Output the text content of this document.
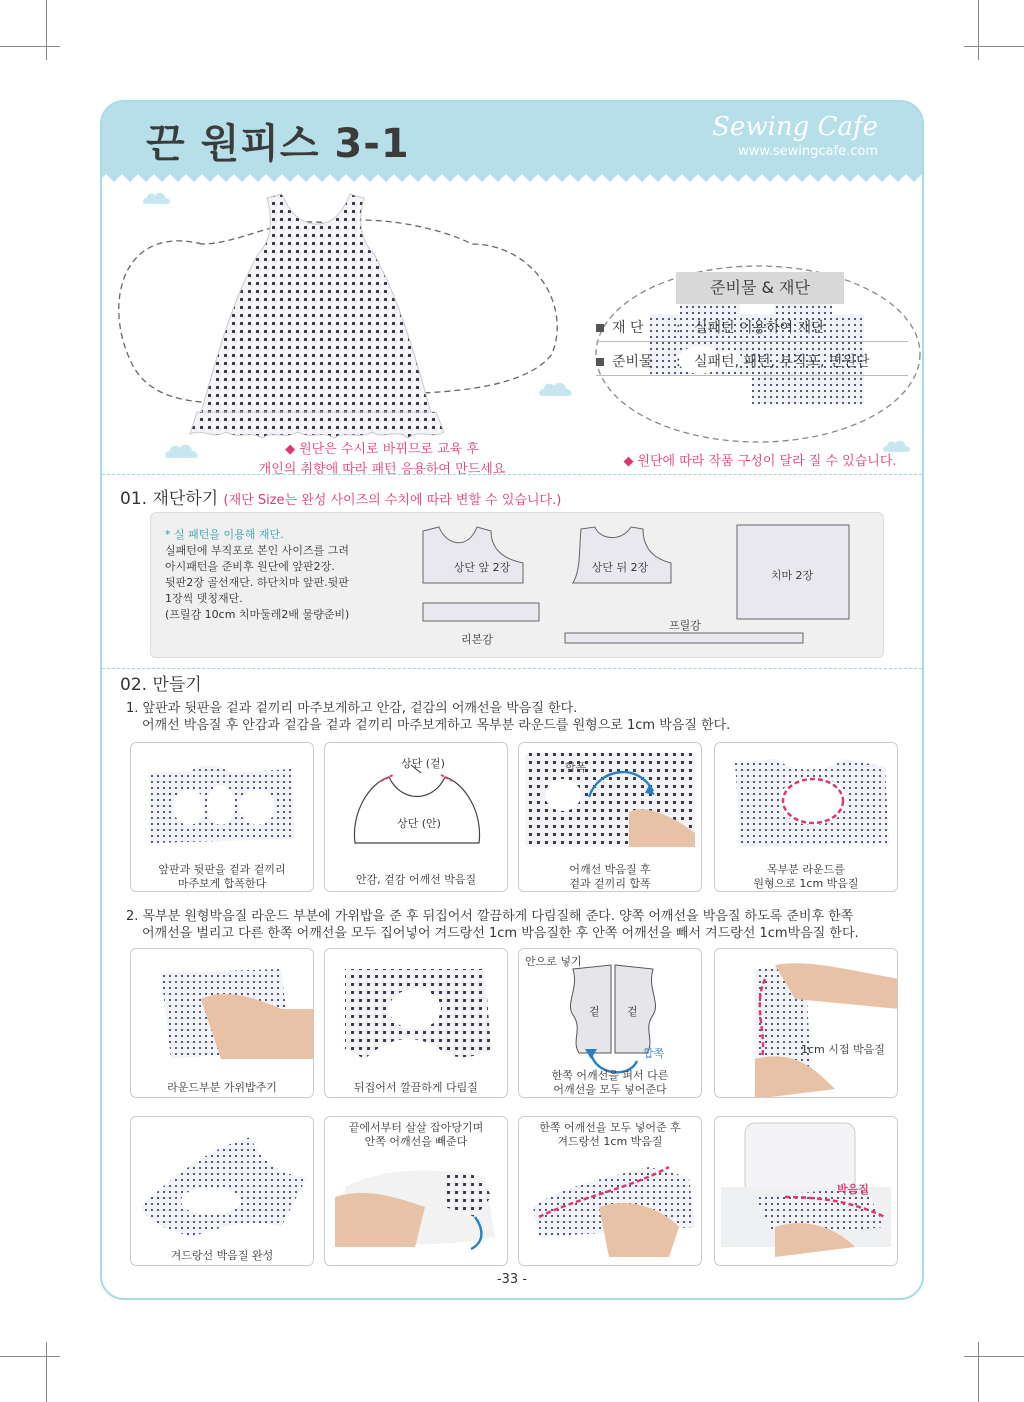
끈 원피스 3-1	Sewing Cafe
www.sewingcafe.com
준비물 & 재단
재 단 : 실패턴 이용하여 재단
준비물 : 실패턴, 패턴, 부직포, 면원단
◆ 원단은 수시로 바뀌므로 교육 후
개인의 취향에 따라 패턴 응용하여 만드세요
◆ 원단에 따라 작품 구성이 달라 질 수 있습니다.
01. 재단하기 (재단 Size는 완성 사이즈의 수치에 따라 변할 수 있습니다.)
* 실 패턴을 이용해 재단.
실패턴에 부직포로 본인 사이즈를 그려
아시패턴을 준비후 원단에 앞판2장.
뒷판2장 골선재단. 하단치마 앞판.뒷판
1장씩 뎃칭재단.
(프릴감 10cm 치마둘레2배 물량준비)
상단 앞 2장	상단 뒤 2장
치마 2장
리본감
프릴감
02. 만들기
1. 앞판과 뒷판을 겉과 겉끼리 마주보게하고 안감, 겉감의 어깨선을 박음질 한다.
어깨선 박음질 후 안감과 겉감을 겉과 겉끼리 마주보게하고 목부분 라운드를 원형으로 1cm 박음질 한다.
앞판과 뒷판을 겉과 겉끼리
마주보게 합폭한다
상단 (겉)
상단 (안)
안감, 겉감 어깨선 박음질
합폭
어깨선 박음질 후
겉과 겉끼리 합폭
목부분 라운드를
원형으로 1cm 박음질
2. 목부분 원형박음질 라운드 부분에 가위밥을 준 후 뒤집어서 깔끔하게 다림질해 준다. 양쪽 어깨선을 박음질 하도록 준비후 한쪽
어깨선을 벌리고 다른 한쪽 어깨선을 모두 집어넣어 겨드랑선 1cm 박음질한 후 안쪽 어깨선을 빼서 겨드랑선 1cm박음질 한다.
라운드부분 가위밥주기	뒤집어서 깔끔하게 다림질
안으로 넣기
겉 겉
합쪽
한쪽 어깨선을 펴서 다른
어깨선을 모두 넣어준다
1cm 시접 박음질
겨드랑선 박음질 완성
끝에서부터 살살 잡아당기며
안쪽 어깨선을 빼준다
한쪽 어깨선을 모두 넣어준 후
겨드랑선 1cm 박음질
박음질
-33 -
